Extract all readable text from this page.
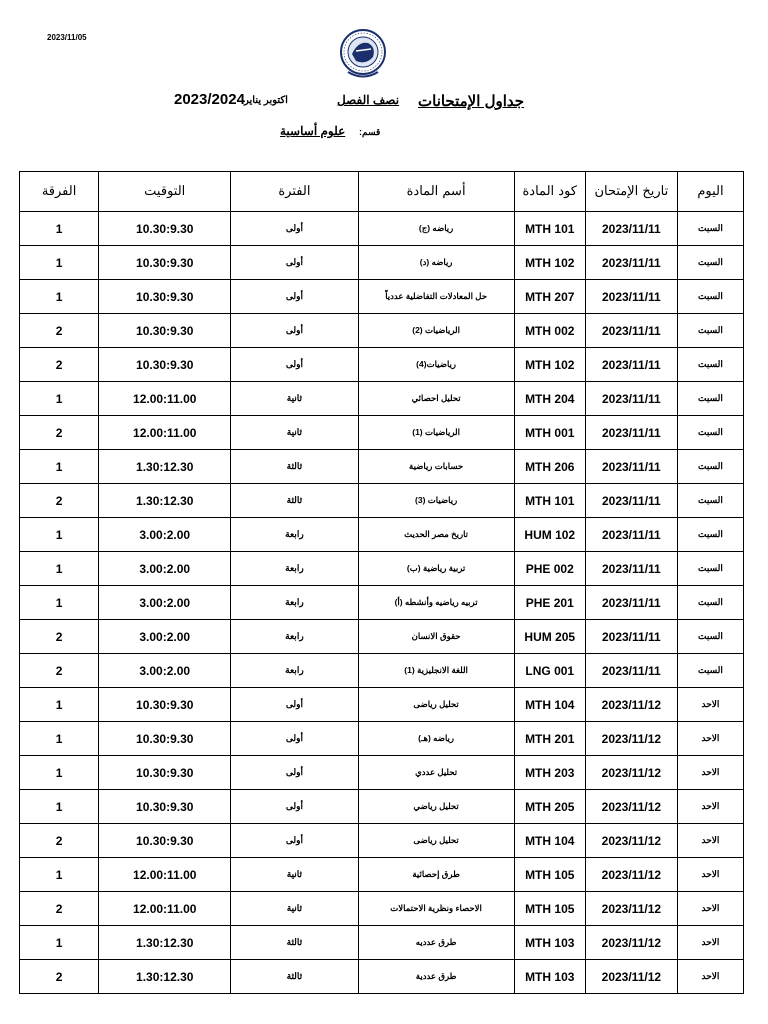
2023/11/05
جداول الإمتحانات
نصف الفصل
اكتوبر يناير
2023/2024
قسم:
علوم أساسية
اليوم	تاريخ الإمتحان	كود المادة	أسم المادة	الفترة	التوقيت	الفرقة
السبت	2023/11/11	MTH 101	رياضه (ج)	أولى	10.30:9.30	1
السبت	2023/11/11	MTH 102	رياضه (د)	أولى	10.30:9.30	1
السبت	2023/11/11	MTH 207	حل المعادلات التفاضلية عددياً	أولى	10.30:9.30	1
السبت	2023/11/11	MTH 002	الرياضيات (2)	أولى	10.30:9.30	2
السبت	2023/11/11	MTH 102	رياضيات(4)	أولى	10.30:9.30	2
السبت	2023/11/11	MTH 204	تحليل احصائي	ثانية	12.00:11.00	1
السبت	2023/11/11	MTH 001	الرياضيات (1)	ثانية	12.00:11.00	2
السبت	2023/11/11	MTH 206	حسابات رياضية	ثالثة	1.30:12.30	1
السبت	2023/11/11	MTH 101	رياضيات (3)	ثالثة	1.30:12.30	2
السبت	2023/11/11	HUM 102	تاريخ مصر الحديث	رابعة	3.00:2.00	1
السبت	2023/11/11	PHE 002	تربية رياضية (ب)	رابعة	3.00:2.00	1
السبت	2023/11/11	PHE 201	تربيه رياضيه وأنشطه (أ)	رابعة	3.00:2.00	1
السبت	2023/11/11	HUM 205	حقوق الانسان	رابعة	3.00:2.00	2
السبت	2023/11/11	LNG 001	اللغة الانجليزية (1)	رابعة	3.00:2.00	2
الاحد	2023/11/12	MTH 104	تحليل رياضى	أولى	10.30:9.30	1
الاحد	2023/11/12	MTH 201	رياضه (هـ)	أولى	10.30:9.30	1
الاحد	2023/11/12	MTH 203	تحليل عددي	أولى	10.30:9.30	1
الاحد	2023/11/12	MTH 205	تحليل رياضي	أولى	10.30:9.30	1
الاحد	2023/11/12	MTH 104	تحليل رياضى	أولى	10.30:9.30	2
الاحد	2023/11/12	MTH 105	طرق إحصائية	ثانية	12.00:11.00	1
الاحد	2023/11/12	MTH 105	الاحصاء ونظرية الاحتمالات	ثانية	12.00:11.00	2
الاحد	2023/11/12	MTH 103	طرق عدديه	ثالثة	1.30:12.30	1
الاحد	2023/11/12	MTH 103	طرق عددية	ثالثة	1.30:12.30	2
